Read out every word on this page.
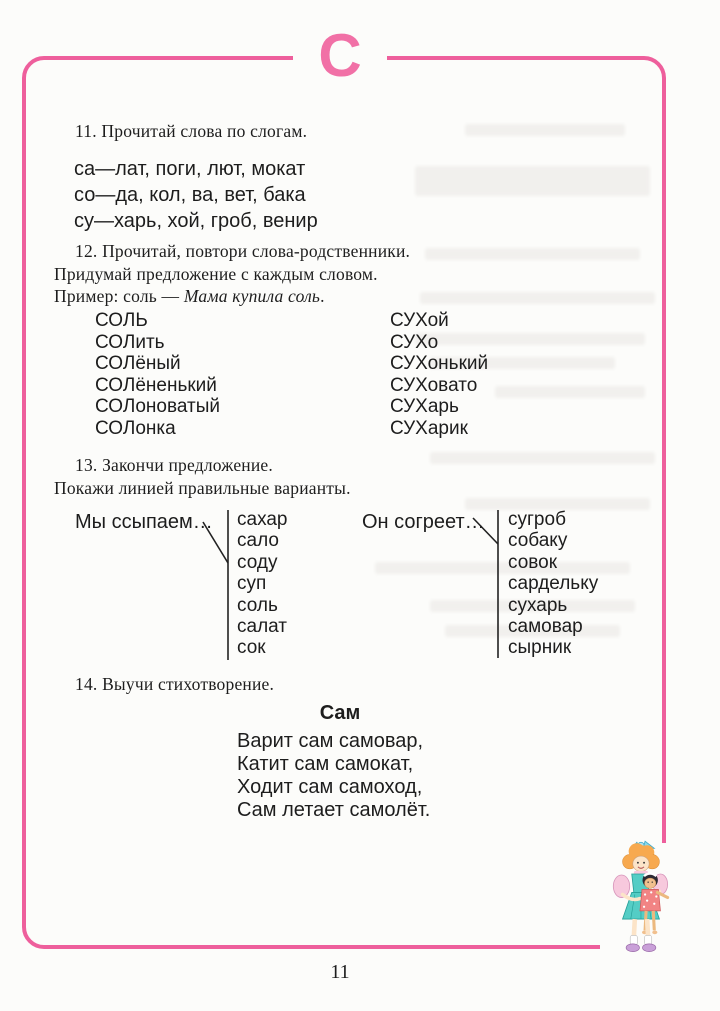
С
11. Прочитай слова по слогам.
са—лат, поги, лют, мокат
со—да, кол, ва, вет, бака
су—харь, хой, гроб, венир
12. Прочитай, повтори слова-родственники.
Придумай предложение с каждым словом.
Пример: соль — Мама купила соль.
СОЛЬ
СОЛить
СОЛёный
СОЛёненький
СОЛоноватый
СОЛонка
СУХой
СУХо
СУХонький
СУХовато
СУХарь
СУХарик
13. Закончи предложение.
Покажи линией правильные варианты.
Мы ссыпаем… сахар
сало
соду
суп
соль
салат
сок
Он согреет… сугроб
собаку
совок
сардельку
сухарь
самовар
сырник
14. Выучи стихотворение.
Сам
Варит сам самовар,
Катит сам самокат,
Ходит сам самоход,
Сам летает самолёт.
11
